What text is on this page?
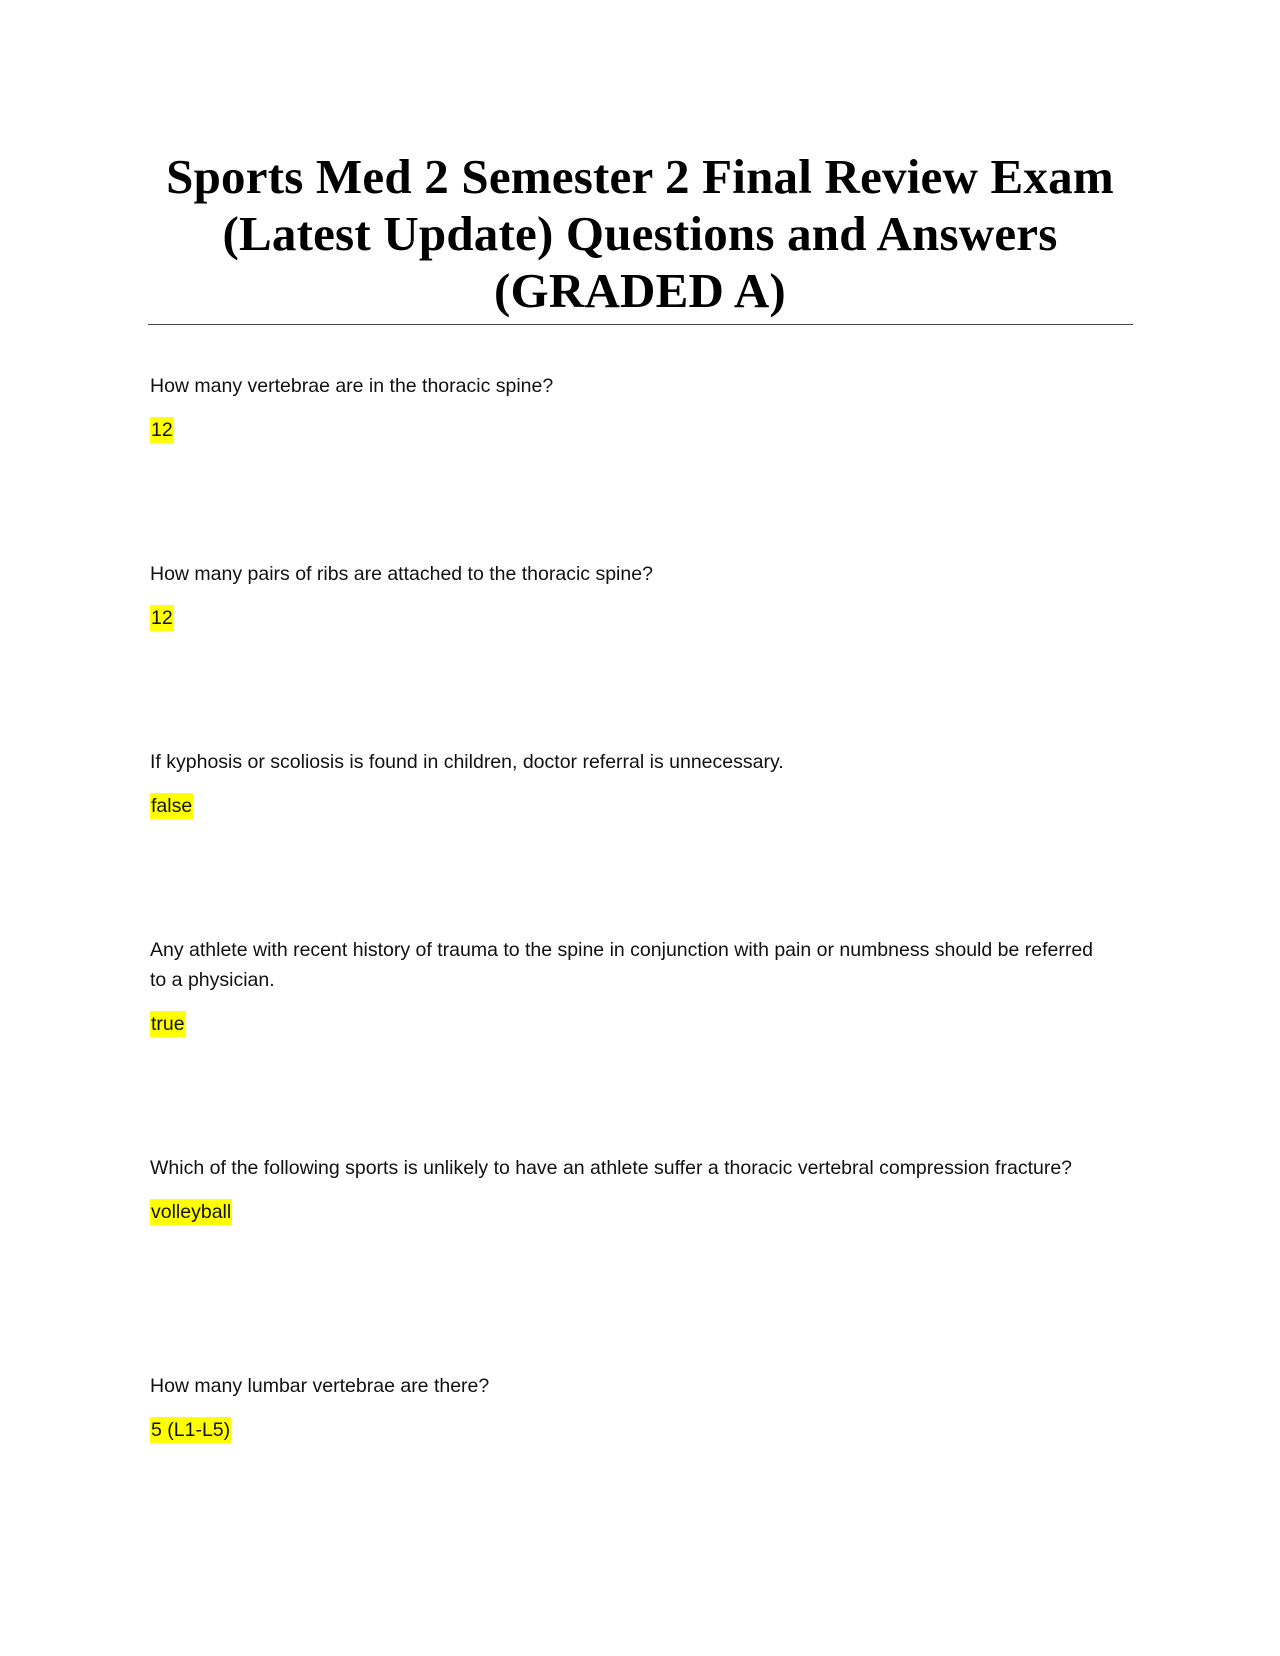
Sports Med 2 Semester 2 Final Review Exam (Latest Update) Questions and Answers (GRADED A)

How many vertebrae are in the thoracic spine?

12

How many pairs of ribs are attached to the thoracic spine?

12

If kyphosis or scoliosis is found in children, doctor referral is unnecessary.

false

Any athlete with recent history of trauma to the spine in conjunction with pain or numbness should be referred to a physician.

true

Which of the following sports is unlikely to have an athlete suffer a thoracic vertebral compression fracture?

volleyball

How many lumbar vertebrae are there?

5 (L1-L5)
